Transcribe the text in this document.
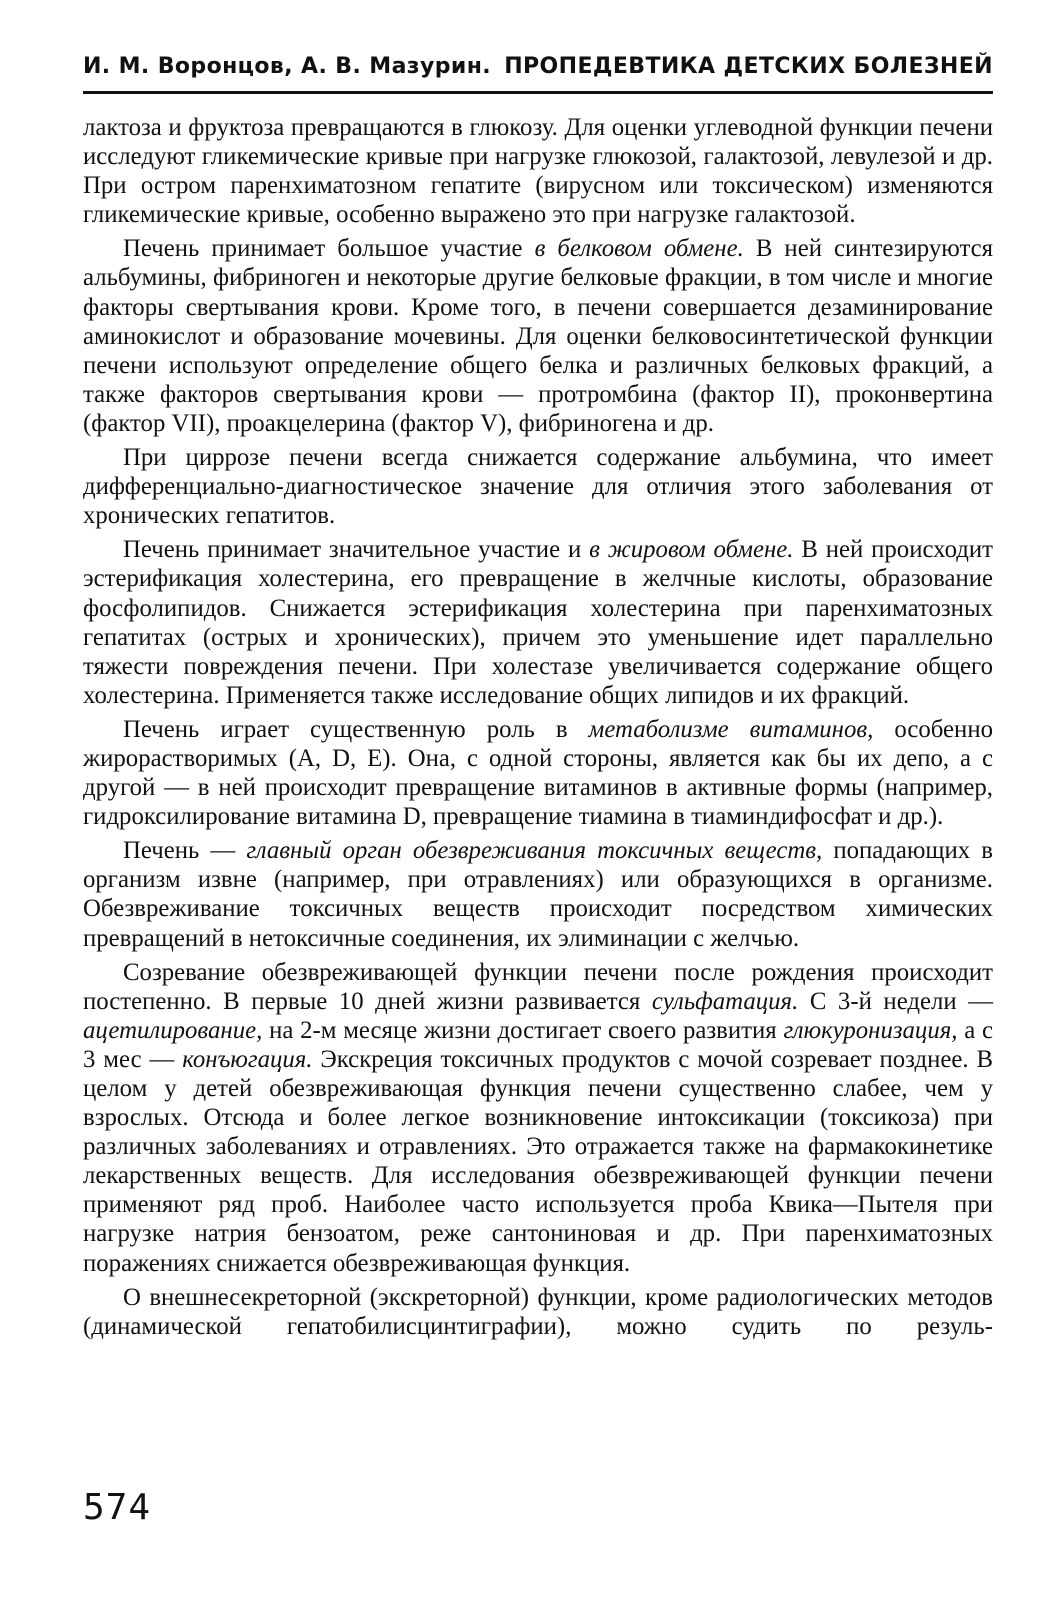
И. М. Воронцов, А. В. Мазурин. ПРОПЕДЕВТИКА ДЕТСКИХ БОЛЕЗНЕЙ

лактоза и фруктоза превращаются в глюкозу. Для оценки углеводной функции печени исследуют гликемические кривые при нагрузке глюкозой, галактозой, левулезой и др. При остром паренхиматозном гепатите (вирусном или токсическом) изменяются гликемические кривые, особенно выражено это при нагрузке галактозой.

Печень принимает большое участие в белковом обмене. В ней синтезируются альбумины, фибриноген и некоторые другие белковые фракции, в том числе и многие факторы свертывания крови. Кроме того, в печени совершается дезаминирование аминокислот и образование мочевины. Для оценки белковосинтетической функции печени используют определение общего белка и различных белковых фракций, а также факторов свертывания крови — протромбина (фактор II), проконвертина (фактор VII), проакцелерина (фактор V), фибриногена и др.

При циррозе печени всегда снижается содержание альбумина, что имеет дифференциально-диагностическое значение для отличия этого заболевания от хронических гепатитов.

Печень принимает значительное участие и в жировом обмене. В ней происходит эстерификация холестерина, его превращение в желчные кислоты, образование фосфолипидов. Снижается эстерификация холестерина при паренхиматозных гепатитах (острых и хронических), причем это уменьшение идет параллельно тяжести повреждения печени. При холестазе увеличивается содержание общего холестерина. Применяется также исследование общих липидов и их фракций.

Печень играет существенную роль в метаболизме витаминов, особенно жирорастворимых (A, D, E). Она, с одной стороны, является как бы их депо, а с другой — в ней происходит превращение витаминов в активные формы (например, гидроксилирование витамина D, превращение тиамина в тиаминдифосфат и др.).

Печень — главный орган обезвреживания токсичных веществ, попадающих в организм извне (например, при отравлениях) или образующихся в организме. Обезвреживание токсичных веществ происходит посредством химических превращений в нетоксичные соединения, их элиминации с желчью.

Созревание обезвреживающей функции печени после рождения происходит постепенно. В первые 10 дней жизни развивается сульфатация. С 3-й недели — ацетилирование, на 2-м месяце жизни достигает своего развития глюкуронизация, а с 3 мес — конъюгация. Экскреция токсичных продуктов с мочой созревает позднее. В целом у детей обезвреживающая функция печени существенно слабее, чем у взрослых. Отсюда и более легкое возникновение интоксикации (токсикоза) при различных заболеваниях и отравлениях. Это отражается также на фармакокинетике лекарственных веществ. Для исследования обезвреживающей функции печени применяют ряд проб. Наиболее часто используется проба Квика—Пытеля при нагрузке натрия бензоатом, реже сантониновая и др. При паренхиматозных поражениях снижается обезвреживающая функция.

О внешнесекреторной (экскреторной) функции, кроме радиологических методов (динамической гепатобилисцинтиграфии), можно судить по резуль-

574
